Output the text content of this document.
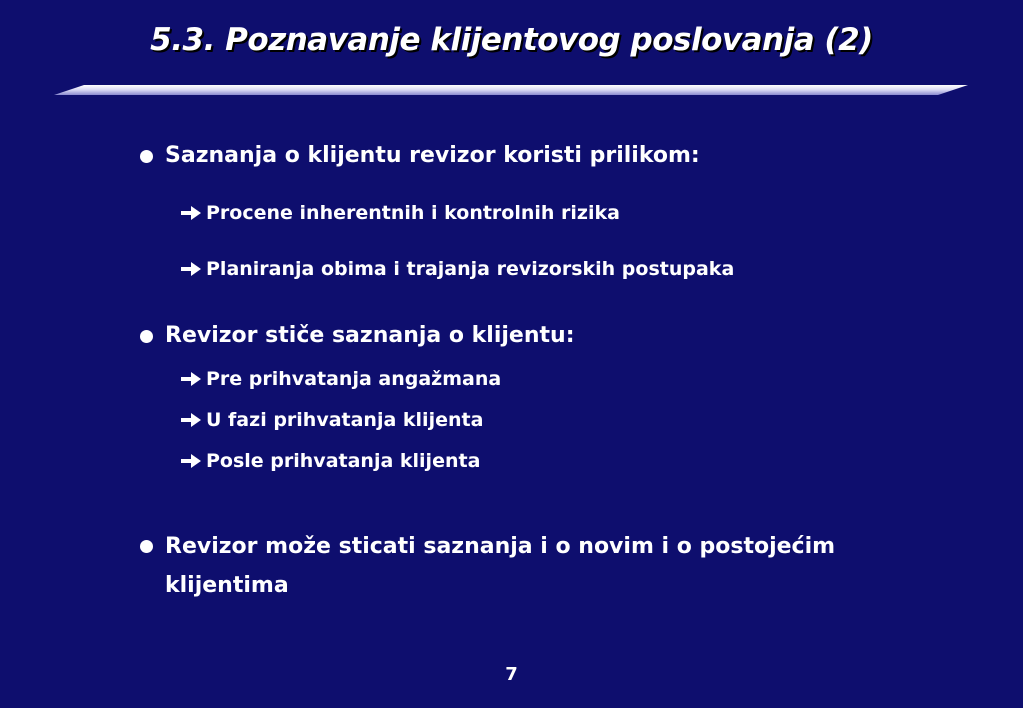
5.3. Poznavanje klijentovog poslovanja (2)
Saznanja o klijentu revizor koristi prilikom:
Procene inherentnih i kontrolnih rizika
Planiranja obima i trajanja revizorskih postupaka
Revizor stiče saznanja o klijentu:
Pre prihvatanja angažmana
U fazi prihvatanja klijenta
Posle prihvatanja klijenta
Revizor može sticati saznanja i o novim i o postojećim klijentima
7
